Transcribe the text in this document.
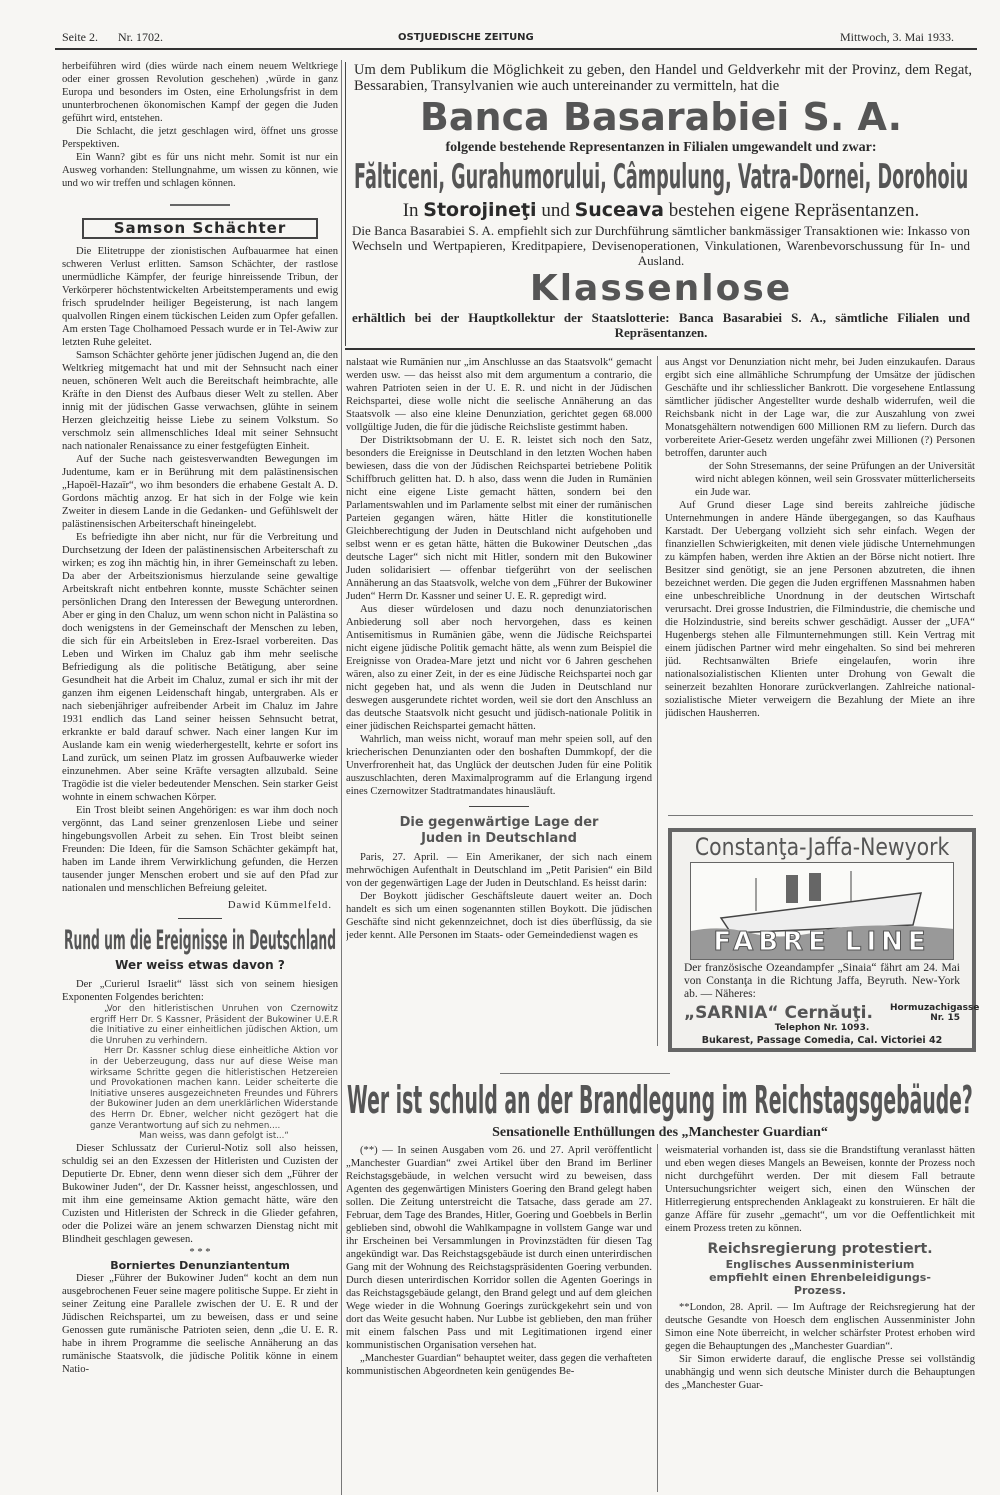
Seite 2. Nr. 1702.	OSTJUEDISCHE ZEITUNG	Mittwoch, 3. Mai 1933.

herbeiführen wird (dies würde nach einem neuem Weltkriege oder einer grossen Revolution geschehen) ,würde in ganz Europa und besonders im Osten, eine Erholungsfrist in dem ununterbrochenen ökonomischen Kampf der gegen die Juden geführt wird, entstehen.

Die Schlacht, die jetzt geschlagen wird, öffnet uns grosse Perspektiven.

Ein Wann? gibt es für uns nicht mehr. Somit ist nur ein Ausweg vorhanden: Stellungnahme, um wissen zu können, wie und wo wir treffen und schlagen können.

Samson Schächter

Die Elitetruppe der zionistischen Aufbauarmee hat einen schweren Verlust erlitten. Samson Schächter, der rastlose unermüdliche Kämpfer, der feurige hinreissende Tribun, der Verkörperer höchstentwickelten Arbeitstemperaments und ewig frisch sprudelnder heiliger Begeisterung, ist nach langem qualvollen Ringen einem tückischen Leiden zum Opfer gefallen. Am ersten Tage Cholhamoed Pessach wurde er in Tel-Awiw zur letzten Ruhe geleitet.

Samson Schächter gehörte jener jüdischen Jugend an, die den Weltkrieg mitgemacht hat und mit der Sehnsucht nach einer neuen, schöneren Welt auch die Bereitschaft heimbrachte, alle Kräfte in den Dienst des Aufbaus dieser Welt zu stellen. Aber innig mit der jüdischen Gasse verwachsen, glühte in seinem Herzen gleichzeitig heisse Liebe zu seinem Volkstum. So verschmolz sein allmenschliches Ideal mit seiner Sehnsucht nach nationaler Renaissance zu einer festgefügten Einheit.

Auf der Suche nach geistesverwandten Bewegungen im Judentume, kam er in Berührung mit dem palästinensischen „Hapoël-Hazaïr“, wo ihm besonders die erhabene Gestalt A. D. Gordons mächtig anzog. Er hat sich in der Folge wie kein Zweiter in diesem Lande in die Gedanken- und Gefühlswelt der palästinensischen Arbeiterschaft hineingelebt.

Es befriedigte ihn aber nicht, nur für die Verbreitung und Durchsetzung der Ideen der palästinensischen Arbeiterschaft zu wirken; es zog ihn mächtig hin, in ihrer Gemeinschaft zu leben. Da aber der Arbeitszionismus hierzulande seine gewaltige Arbeitskraft nicht entbehren konnte, musste Schächter seinen persönlichen Drang den Interessen der Bewegung unterordnen. Aber er ging in den Chaluz, um wenn schon nicht in Palästina so doch wenigstens in der Gemeinschaft der Menschen zu leben, die sich für ein Arbeitsleben in Erez-Israel vorbereiten. Das Leben und Wirken im Chaluz gab ihm mehr seelische Befriedigung als die politische Betätigung, aber seine Gesundheit hat die Arbeit im Chaluz, zumal er sich ihr mit der ganzen ihm eigenen Leidenschaft hingab, untergraben. Als er nach siebenjähriger aufreibender Arbeit im Chaluz im Jahre 1931 endlich das Land seiner heissen Sehnsucht betrat, erkrankte er bald darauf schwer. Nach einer langen Kur im Auslande kam ein wenig wiederhergestellt, kehrte er sofort ins Land zurück, um seinen Platz im grossen Aufbauwerke wieder einzunehmen. Aber seine Kräfte versagten allzubald. Seine Tragödie ist die vieler bedeutender Menschen. Sein starker Geist wohnte in einem schwachen Körper.

Ein Trost bleibt seinen Angehörigen: es war ihm doch noch vergönnt, das Land seiner grenzenlosen Liebe und seiner hingebungsvollen Arbeit zu sehen. Ein Trost bleibt seinen Freunden: Die Ideen, für die Samson Schächter gekämpft hat, haben im Lande ihrem Verwirklichung gefunden, die Herzen tausender junger Menschen erobert und sie auf den Pfad zur nationalen und menschlichen Befreiung geleitet.

Dawid Kümmelfeld.
Rund um die Ereignisse in Deutschland
Wer weiss etwas davon ?

Der „Curierul Israelit“ lässt sich von seinem hiesigen Exponenten Folgendes berichten:

„Vor den hitleristischen Unruhen von Czernowitz ergriff Herr Dr. S Kassner, Präsident der Bukowiner U.E.R die Initiative zu einer einheitlichen jüdischen Aktion, um die Unruhen zu verhindern.

Herr Dr. Kassner schlug diese einheitliche Aktion vor in der Ueberzeugung, dass nur auf diese Weise man wirksame Schritte gegen die hitleristischen Hetzereien und Provokationen machen kann. Leider scheiterte die Initiative unseres ausgezeichneten Freundes und Führers der Bukowiner Juden an dem unerklärlichen Widerstande des Herrn Dr. Ebner, welcher nicht gezögert hat die ganze Verantwortung auf sich zu nehmen....

Man weiss, was dann gefolgt ist...“

Dieser Schlussatz der Curierul-Notiz soll also heissen, schuldig sei an den Exzessen der Hitleristen und Cuzisten der Deputierte Dr. Ebner, denn wenn dieser sich dem „Führer der Bukowiner Juden“, der Dr. Kassner heisst, angeschlossen, und mit ihm eine gemeinsame Aktion gemacht hätte, wäre den Cuzisten und Hitleristen der Schreck in die Glieder gefahren, oder die Polizei wäre an jenem schwarzen Dienstag nicht mit Blindheit geschlagen gewesen.

* * *
Borniertes Denunziantentum

Dieser „Führer der Bukowiner Juden“ kocht an dem nun ausgebrochenen Feuer seine magere politische Suppe. Er zieht in seiner Zeitung eine Parallele zwischen der U. E. R und der Jüdischen Reichspartei, um zu beweisen, dass er und seine Genossen gute rumänische Patrioten seien, denn „die U. E. R. habe in ihrem Programme die seelische Annäherung an das rumänische Staatsvolk, die jüdische Politik könne in einem Natio-

Um dem Publikum die Möglichkeit zu geben, den Handel und Geldverkehr mit der Provinz, dem Regat, Bessarabien, Transylvanien wie auch untereinander zu vermitteln, hat die
Banca Basarabiei S. A.
folgende bestehende Representanzen in Filialen umgewandelt und zwar:
Fălticeni, Gurahumorului, Câmpulung, Vatra-Dornei, Dorohoiu
In Storojineţi und Suceava bestehen eigene Repräsentanzen.
Die Banca Basarabiei S. A. empfiehlt sich zur Durchführung sämtlicher bankmässiger Transaktionen wie: Inkasso von Wechseln und Wertpapieren, Kreditpapiere, Devisenoperationen, Vinkulationen, Warenbevorschussung für In- und Ausland.
Klassenlose
erhältlich bei der Hauptkollektur der Staatslotterie: Banca Basarabiei S. A., sämtliche Filialen und Repräsentanzen.

nalstaat wie Rumänien nur „im Anschlusse an das Staatsvolk“ gemacht werden usw. — das heisst also mit dem argumentum a contrario, die wahren Patrioten seien in der U. E. R. und nicht in der Jüdischen Reichspartei, diese wolle nicht die seelische Annäherung an das Staatsvolk — also eine kleine Denunziation, gerichtet gegen 68.000 vollgültige Juden, die für die jüdische Reichsliste gestimmt haben.

Der Distriktsobmann der U. E. R. leistet sich noch den Satz, besonders die Ereignisse in Deutschland in den letzten Wochen haben bewiesen, dass die von der Jüdischen Reichspartei betriebene Politik Schiffbruch gelitten hat. D. h also, dass wenn die Juden in Rumänien nicht eine eigene Liste gemacht hätten, sondern bei den Parlamentswahlen und im Parlamente selbst mit einer der rumänischen Parteien gegangen wären, hätte Hitler die konstitutionelle Gleichberechtigung der Juden in Deutschland nicht aufgehoben und selbst wenn er es getan hätte, hätten die Bukowiner Deutschen „das deutsche Lager“ sich nicht mit Hitler, sondern mit den Bukowiner Juden solidarisiert — offenbar tiefgerührt von der seelischen Annäherung an das Staatsvolk, welche von dem „Führer der Bukowiner Juden“ Herrn Dr. Kassner und seiner U. E. R. gepredigt wird.

Aus dieser würdelosen und dazu noch denunziatorischen Anbiederung soll aber noch hervorgehen, dass es keinen Antisemitismus in Rumänien gäbe, wenn die Jüdische Reichspartei nicht eigene jüdische Politik gemacht hätte, als wenn zum Beispiel die Ereignisse von Oradea-Mare jetzt und nicht vor 6 Jahren geschehen wären, also zu einer Zeit, in der es eine Jüdische Reichspartei noch gar nicht gegeben hat, und als wenn die Juden in Deutschland nur deswegen ausgerundete richtet worden, weil sie dort den Anschluss an das deutsche Staatsvolk nicht gesucht und jüdisch-nationale Politik in einer jüdischen Reichspartei gemacht hätten.

Wahrlich, man weiss nicht, worauf man mehr speien soll, auf den kriecherischen Denunzianten oder den boshaften Dummkopf, der die Unverfrorenheit hat, das Unglück der deutschen Juden für eine Politik auszuschlachten, deren Maximalprogramm auf die Erlangung irgend eines Czernowitzer Stadtratmandates hinausläuft.

Die gegenwärtige Lage der Juden in Deutschland

Paris, 27. April. — Ein Amerikaner, der sich nach einem mehrwöchigen Aufenthalt in Deutschland im „Petit Parisien“ ein Bild von der gegenwärtigen Lage der Juden in Deutschland. Es heisst darin:

Der Boykott jüdischer Geschäftsleute dauert weiter an. Doch handelt es sich um einen sogenannten stillen Boykott. Die jüdischen Geschäfte sind nicht gekennzeichnet, doch ist dies überflüssig, da sie jeder kennt. Alle Personen im Staats- oder Gemeindedienst wagen es

aus Angst vor Denunziation nicht mehr, bei Juden einzukaufen. Daraus ergibt sich eine allmähliche Schrumpfung der Umsätze der jüdischen Geschäfte und ihr schliesslicher Bankrott. Die vorgesehene Entlassung sämtlicher jüdischer Angestellter wurde deshalb widerrufen, weil die Reichsbank nicht in der Lage war, die zur Auszahlung von zwei Monatsgehältern notwendigen 600 Millionen RM zu liefern. Durch das vorbereitete Arier-Gesetz werden ungefähr zwei Millionen (?) Personen betroffen, darunter auch

der Sohn Stresemanns, der seine Prüfungen an der Universität wird nicht ablegen können, weil sein Grossvater mütterlicherseits ein Jude war.

Auf Grund dieser Lage sind bereits zahlreiche jüdische Unternehmungen in andere Hände übergegangen, so das Kaufhaus Karstadt. Der Uebergang vollzieht sich sehr einfach. Wegen der finanziellen Schwierigkeiten, mit denen viele jüdische Unternehmungen zu kämpfen haben, werden ihre Aktien an der Börse nicht notiert. Ihre Besitzer sind genötigt, sie an jene Personen abzutreten, die ihnen bezeichnet werden. Die gegen die Juden ergriffenen Massnahmen haben eine unbeschreibliche Unordnung in der deutschen Wirtschaft verursacht. Drei grosse Industrien, die Filmindustrie, die chemische und die Holzindustrie, sind bereits schwer geschädigt. Ausser der „UFA“ Hugenbergs stehen alle Filmunternehmungen still. Kein Vertrag mit einem jüdischen Partner wird mehr eingehalten. So sind bei mehreren jüd. Rechtsanwälten Briefe eingelaufen, worin ihre nationalsozialistischen Klienten unter Drohung von Gewalt die seinerzeit bezahlten Honorare zurückverlangen. Zahlreiche national-sozialistische Mieter verweigern die Bezahlung der Miete an ihre jüdischen Hausherren.

Constanţa-Jaffa-Newyork
FABRE LINE
Der französische Ozeandampfer „Sinaia“ fährt am 24. Mai von Constanţa in die Richtung Jaffa, Beyruth. New-York ab. — Näheres:
„SARNIA“ Cernăuţi. Hormuzachigasse Nr. 15
Telephon Nr. 1093.
Bukarest, Passage Comedia, Cal. Victoriei 42
Wer ist schuld an der Brandlegung im Reichstagsgebäude?
Sensationelle Enthüllungen des „Manchester Guardian“

(**) — In seinen Ausgaben vom 26. und 27. April veröffentlicht „Manchester Guardian“ zwei Artikel über den Brand im Berliner Reichstagsgebäude, in welchen versucht wird zu beweisen, dass Agenten des gegenwärtigen Ministers Goering den Brand gelegt haben sollen. Die Zeitung unterstreicht die Tatsache, dass gerade am 27. Februar, dem Tage des Brandes, Hitler, Goering und Goebbels in Berlin geblieben sind, obwohl die Wahlkampagne in vollstem Gange war und ihr Erscheinen bei Versammlungen in Provinzstädten für diesen Tag angekündigt war. Das Reichstagsgebäude ist durch einen unterirdischen Gang mit der Wohnung des Reichstagspräsidenten Goering verbunden. Durch diesen unterirdischen Korridor sollen die Agenten Goerings in das Reichstagsgebäude gelangt, den Brand gelegt und auf dem gleichen Wege wieder in die Wohnung Goerings zurückgekehrt sein und von dort das Weite gesucht haben. Nur Lubbe ist geblieben, den man früher mit einem falschen Pass und mit Legitimationen irgend einer kommunistischen Organisation versehen hat.

„Manchester Guardian“ behauptet weiter, dass gegen die verhafteten kommunistischen Abgeordneten kein genügendes Be-

weismaterial vorhanden ist, dass sie die Brandstiftung veranlasst hätten und eben wegen dieses Mangels an Beweisen, konnte der Prozess noch nicht durchgeführt werden. Der mit diesem Fall betraute Untersuchungsrichter weigert sich, einen den Wünschen der Hitlerregierung entsprechenden Anklageakt zu konstruieren. Er hält die ganze Affäre für zusehr „gemacht“, um vor die Oeffentlichkeit mit einem Prozess treten zu können.

Reichsregierung protestiert.
Englisches Aussenministerium empfiehlt einen Ehrenbeleidigungs-Prozess.

**London, 28. April. — Im Auftrage der Reichsregierung hat der deutsche Gesandte von Hoesch dem englischen Aussenminister John Simon eine Note überreicht, in welcher schärfster Protest erhoben wird gegen die Behauptungen des „Manchester Guardian“.

Sir Simon erwiderte darauf, die englische Presse sei vollständig unabhängig und wenn sich deutsche Minister durch die Behauptungen des „Manchester Guar-
